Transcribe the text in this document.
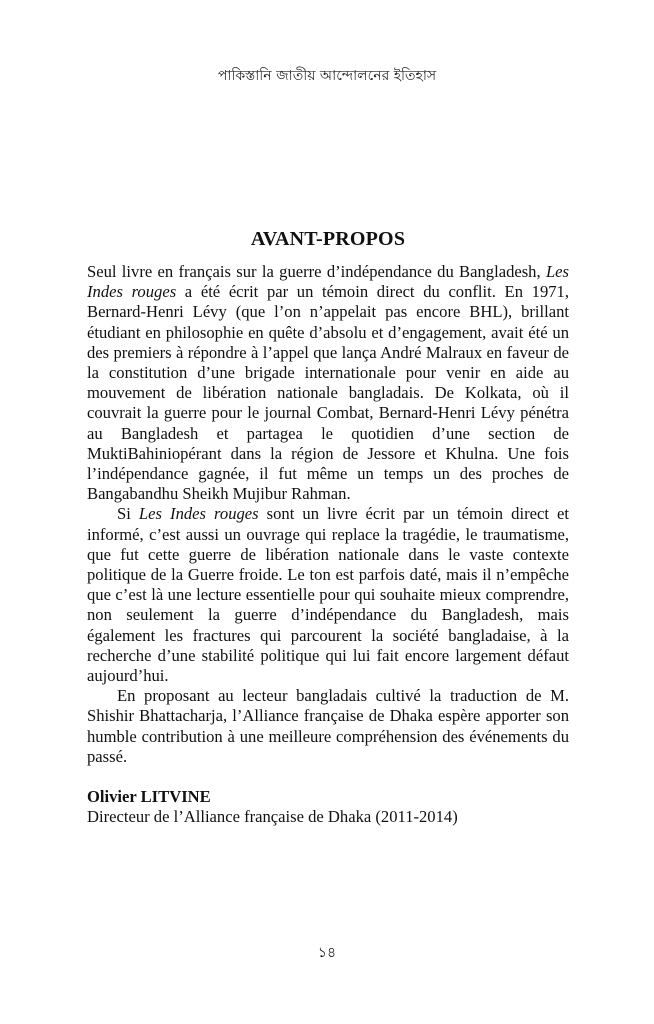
পাকিস্তানি জাতীয় আন্দোলনের ইতিহাস
AVANT-PROPOS

Seul livre en français sur la guerre d’indépendance du Bangladesh, Les Indes rouges a été écrit par un témoin direct du conflit. En 1971, Bernard-Henri Lévy (que l’on n’appelait pas encore BHL), brillant étudiant en philosophie en quête d’absolu et d’engagement, avait été un des premiers à répondre à l’appel que lança André Malraux en faveur de la constitution d’une brigade internationale pour venir en aide au mouvement de libération nationale bangladais. De Kolkata, où il couvrait la guerre pour le journal Combat, Bernard-Henri Lévy pénétra au Bangladesh et partagea le quotidien d’une section de MuktiBahiniopérant dans la région de Jessore et Khulna. Une fois l’indépendance gagnée, il fut même un temps un des proches de Bangabandhu Sheikh Mujibur Rahman.

Si Les Indes rouges sont un livre écrit par un témoin direct et informé, c’est aussi un ouvrage qui replace la tragédie, le traumatisme, que fut cette guerre de libération nationale dans le vaste contexte politique de la Guerre froide. Le ton est parfois daté, mais il n’empêche que c’est là une lecture essentielle pour qui souhaite mieux comprendre, non seulement la guerre d’indépendance du Bangladesh, mais également les fractures qui parcourent la société bangladaise, à la recherche d’une stabilité politique qui lui fait encore largement défaut aujourd’hui.

En proposant au lecteur bangladais cultivé la traduction de M. Shishir Bhattacharja, l’Alliance française de Dhaka espère apporter son humble contribution à une meilleure compréhension des événements du passé.

Olivier LITVINE
Directeur de l’Alliance française de Dhaka (2011-2014)
১৪
